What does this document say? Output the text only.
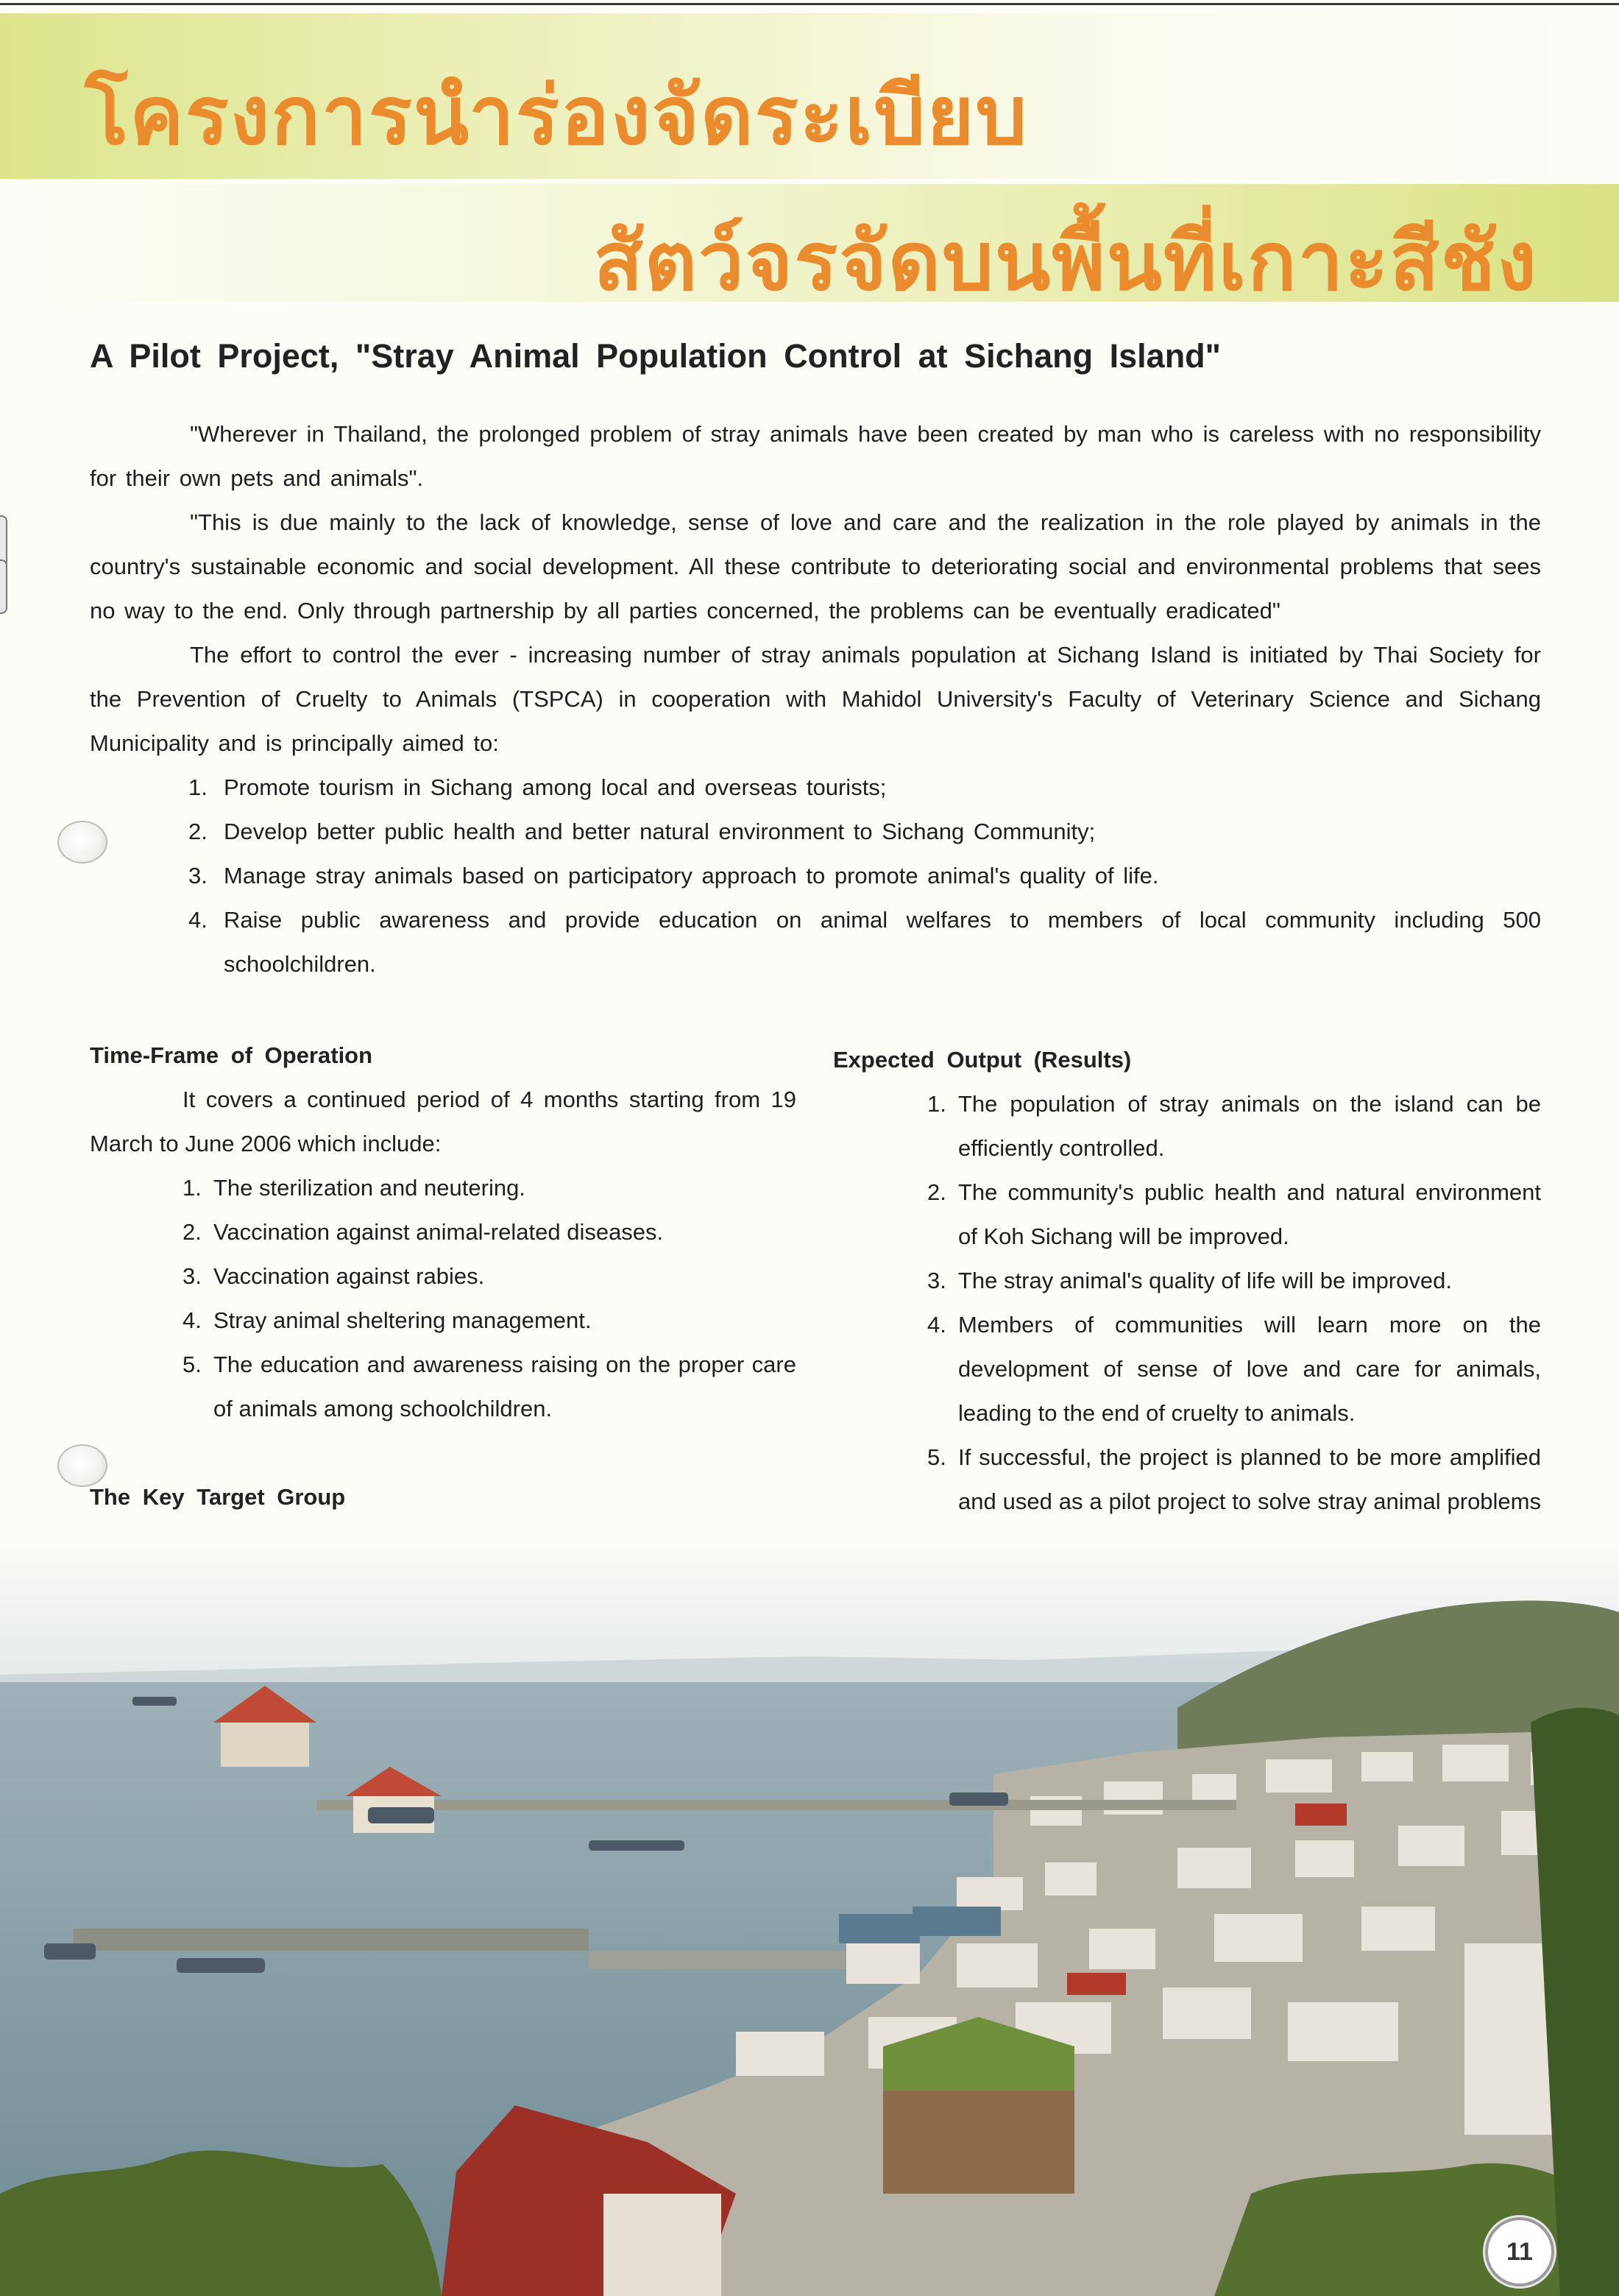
โครงการนำร่องจัดระเบียบ
สัตว์จรจัดบนพื้นที่เกาะสีชัง
A Pilot Project, "Stray Animal Population Control at Sichang Island"

"Wherever in Thailand, the prolonged problem of stray animals have been created by man who is careless with no responsibility for their own pets and animals".

"This is due mainly to the lack of knowledge, sense of love and care and the realization in the role played by animals in the country's sustainable economic and social development. All these contribute to deteriorating social and environmental problems that sees no way to the end. Only through partnership by all parties concerned, the problems can be eventually eradicated"

The effort to control the ever - increasing number of stray animals population at Sichang Island is initiated by Thai Society for the Prevention of Cruelty to Animals (TSPCA) in cooperation with Mahidol University's Faculty of Veterinary Science and Sichang Municipality and is principally aimed to:

1. Promote tourism in Sichang among local and overseas tourists;
2. Develop better public health and better natural environment to Sichang Community;
3. Manage stray animals based on participatory approach to promote animal's quality of life.
4. Raise public awareness and provide education on animal welfares to members of local community including 500 schoolchildren.
Time-Frame of Operation

It covers a continued period of 4 months starting from 19 March to June 2006 which include:

1. The sterilization and neutering.
2. Vaccination against animal-related diseases.
3. Vaccination against rabies.
4. Stray animal sheltering management.
5. The education and awareness raising on the proper care of animals among schoolchildren.
The Key Target Group

Expected Output (Results)
1. The population of stray animals on the island can be efficiently controlled.
2. The community's public health and natural environment of Koh Sichang will be improved.
3. The stray animal's quality of life will be improved.
4. Members of communities will learn more on the development of sense of love and care for animals, leading to the end of cruelty to animals.
5. If successful, the project is planned to be more amplified and used as a pilot project to solve stray animal problems
11
